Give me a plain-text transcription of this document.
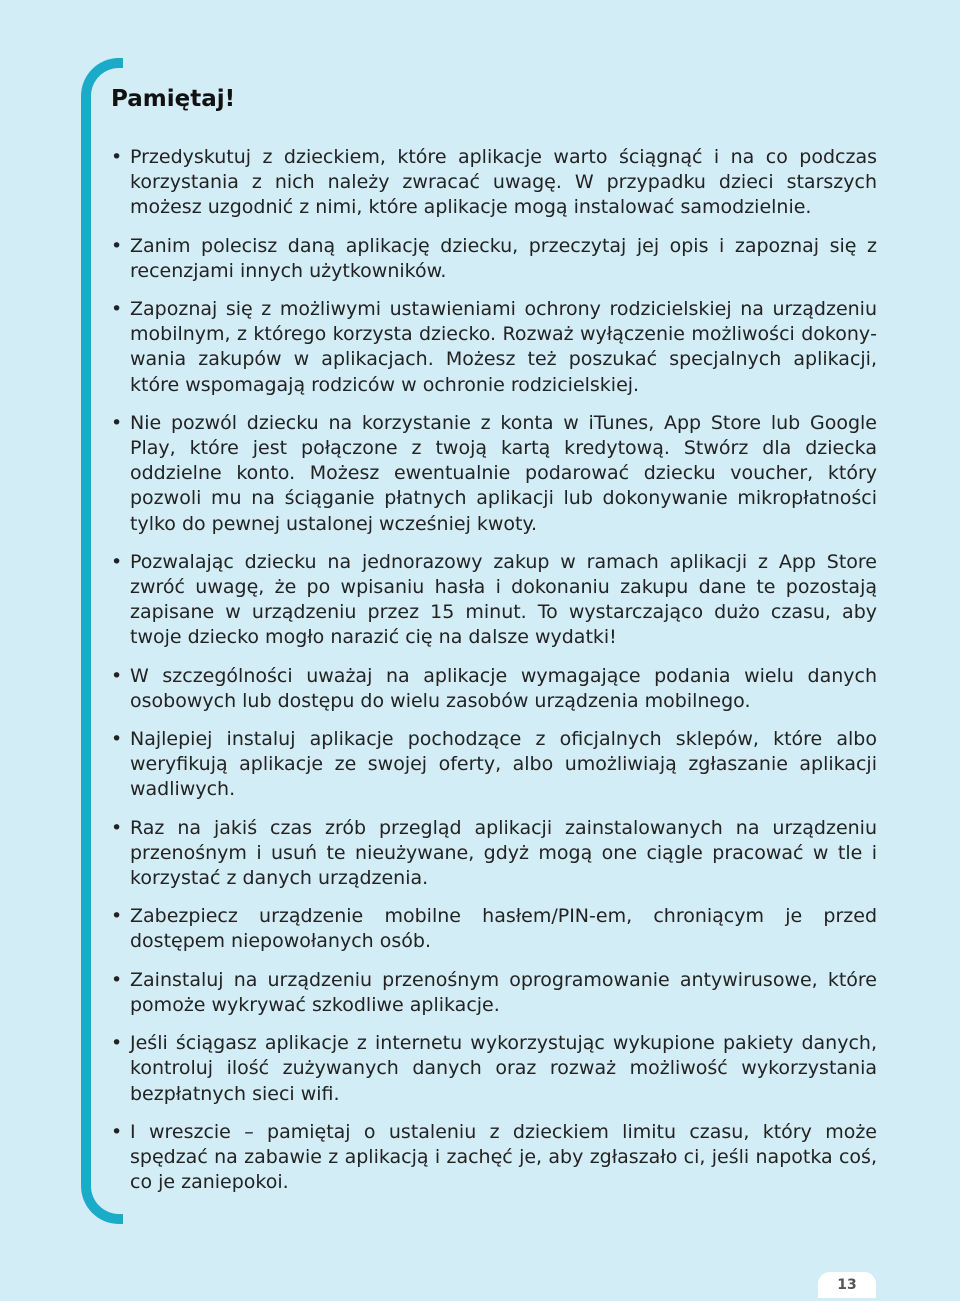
Pamiętaj!
• Przedyskutuj z dzieckiem, które aplikacje warto ściągnąć i na co podczas korzystania z nich należy zwracać uwagę. W przypadku dzieci starszych możesz uzgodnić z nimi, które aplikacje mogą instalować samodzielnie.
• Zanim polecisz daną aplikację dziecku, przeczytaj jej opis i zapoznaj się z recenzjami innych użytkowników.
• Zapoznaj się z możliwymi ustawieniami ochrony rodzicielskiej na urządzeniu mobilnym, z którego korzysta dziecko. Rozważ wyłączenie możliwości dokonywania zakupów w aplikacjach. Możesz też poszukać specjalnych aplikacji, które wspomagają rodziców w ochronie rodzicielskiej.
• Nie pozwól dziecku na korzystanie z konta w iTunes, App Store lub Google Play, które jest połączone z twoją kartą kredytową. Stwórz dla dziecka oddzielne konto. Możesz ewentualnie podarować dziecku voucher, który pozwoli mu na ściąganie płatnych aplikacji lub dokonywanie mikropłatności tylko do pewnej ustalonej wcześniej kwoty.
• Pozwalając dziecku na jednorazowy zakup w ramach aplikacji z App Store zwróć uwagę, że po wpisaniu hasła i dokonaniu zakupu dane te pozostają zapisane w urządzeniu przez 15 minut. To wystarczająco dużo czasu, aby twoje dziecko mogło narazić cię na dalsze wydatki!
• W szczególności uważaj na aplikacje wymagające podania wielu danych osobowych lub dostępu do wielu zasobów urządzenia mobilnego.
• Najlepiej instaluj aplikacje pochodzące z oficjalnych sklepów, które albo weryfikują aplikacje ze swojej oferty, albo umożliwiają zgłaszanie aplikacji wadliwych.
• Raz na jakiś czas zrób przegląd aplikacji zainstalowanych na urządzeniu przenośnym i usuń te nieużywane, gdyż mogą one ciągle pracować w tle i korzystać z danych urządzenia.
• Zabezpiecz urządzenie mobilne hasłem/PIN-em, chroniącym je przed dostępem niepowołanych osób.
• Zainstaluj na urządzeniu przenośnym oprogramowanie antywirusowe, które pomoże wykrywać szkodliwe aplikacje.
• Jeśli ściągasz aplikacje z internetu wykorzystując wykupione pakiety danych, kontroluj ilość zużywanych danych oraz rozważ możliwość wykorzystania bezpłatnych sieci wifi.
• I wreszcie – pamiętaj o ustaleniu z dzieckiem limitu czasu, który może spędzać na zabawie z aplikacją i zachęć je, aby zgłaszało ci, jeśli napotka coś, co je zaniepokoi.
13
